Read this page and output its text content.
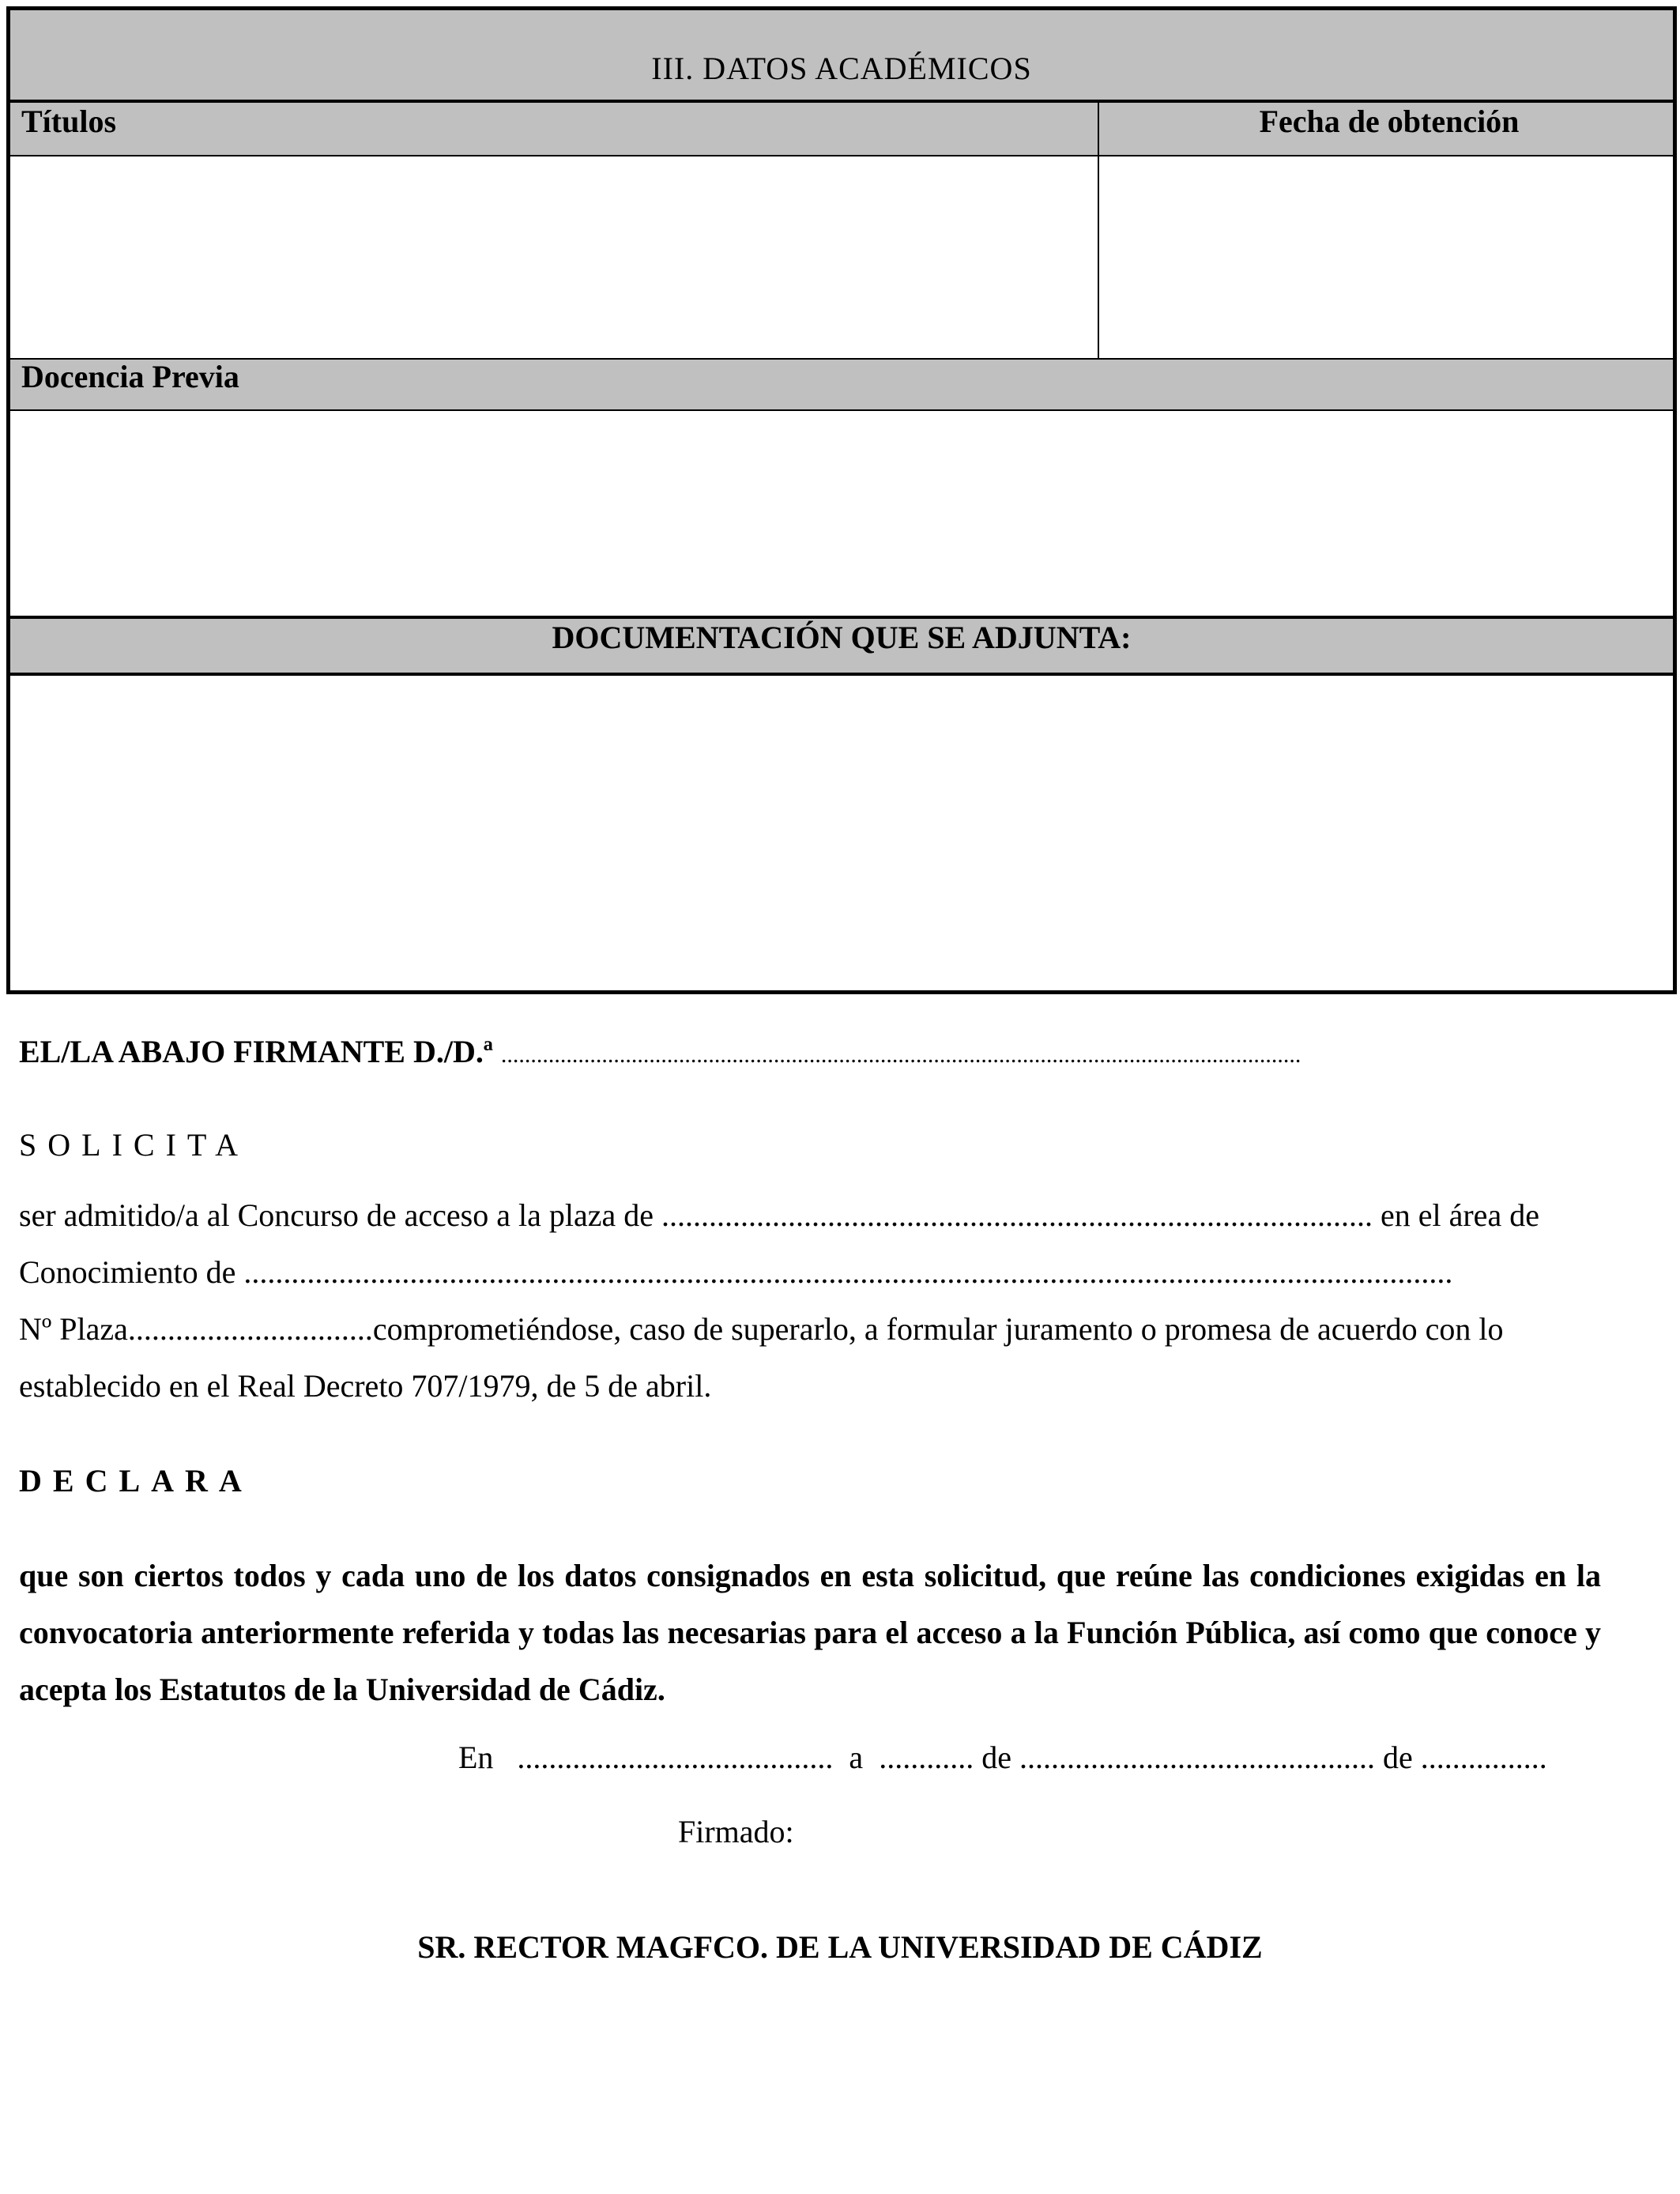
III. DATOS ACADÉMICOS
Títulos	Fecha de obtención
Docencia Previa
DOCUMENTACIÓN QUE SE ADJUNTA:
EL/LA ABAJO FIRMANTE D./D.ª .......................................................................................................................................
SOLICITA
ser admitido/a al Concurso de acceso a la plaza de .......................................................................................... en el área de
Conocimiento de .........................................................................................................................................................
Nº Plaza...............................comprometiéndose, caso de superarlo, a formular juramento o promesa de acuerdo con lo
establecido en el Real Decreto 707/1979, de 5 de abril.
DECLARA
que son ciertos todos y cada uno de los datos consignados en esta solicitud, que reúne las condiciones exigidas en la convocatoria anteriormente referida y todas las necesarias para el acceso a la Función Pública, así como que conoce y acepta los Estatutos de la Universidad de Cádiz.
En   ........................................  a  ............ de ............................................. de ................
Firmado:
SR. RECTOR MAGFCO. DE LA UNIVERSIDAD DE CÁDIZ
